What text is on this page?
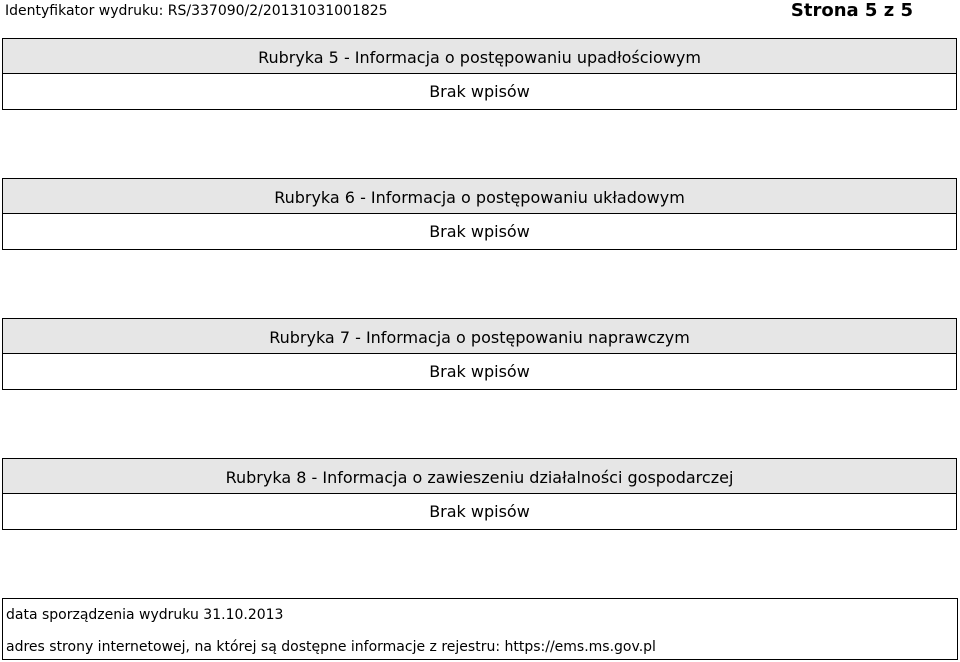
Identyfikator wydruku: RS/337090/2/20131031001825	Strona 5 z 5
Rubryka 5 - Informacja o postępowaniu upadłościowym
Brak wpisów
Rubryka 6 - Informacja o postępowaniu układowym
Brak wpisów
Rubryka 7 - Informacja o postępowaniu naprawczym
Brak wpisów
Rubryka 8 - Informacja o zawieszeniu działalności gospodarczej
Brak wpisów
data sporządzenia wydruku 31.10.2013
adres strony internetowej, na której są dostępne informacje z rejestru: https://ems.ms.gov.pl
